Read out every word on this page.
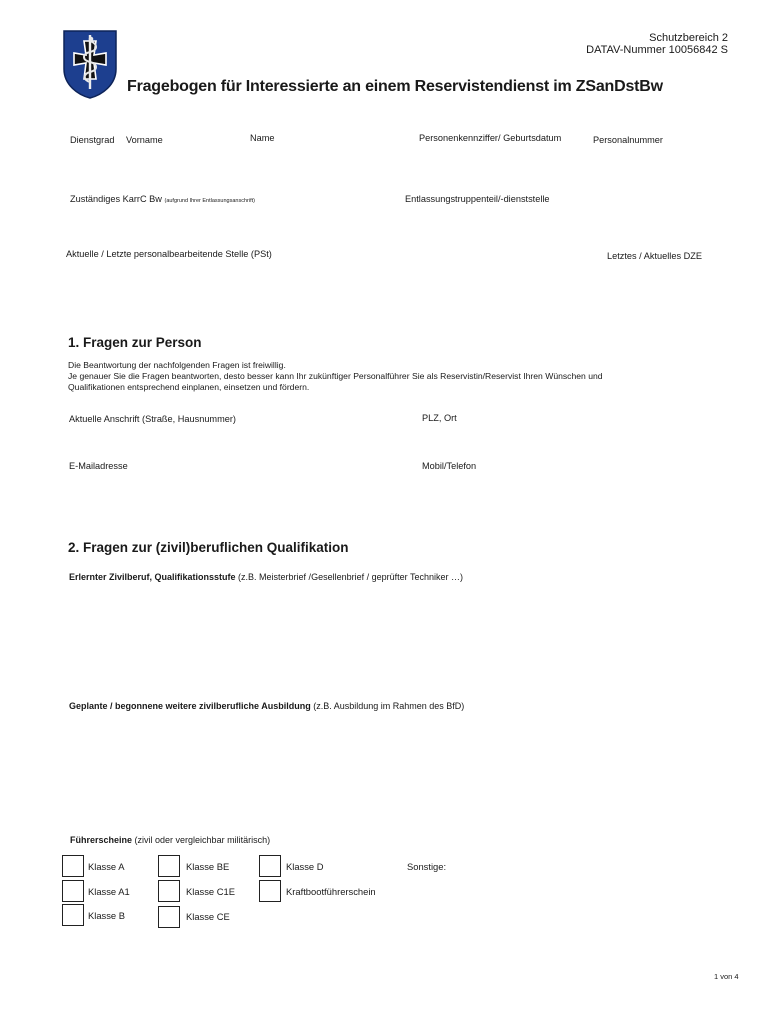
Schutzbereich 2
DATAV-Nummer 10056842 S
Fragebogen für Interessierte an einem Reservistendienst im ZSanDstBw
Dienstgrad Vorname	Name	Personenkennziffer/ Geburtsdatum	Personalnummer
Zuständiges KarrC Bw (aufgrund Ihrer Entlassungsanschrift)	Entlassungstruppenteil/-dienststelle
Aktuelle / Letzte personalbearbeitende Stelle (PSt)	Letztes / Aktuelles DZE
1. Fragen zur Person
Die Beantwortung der nachfolgenden Fragen ist freiwillig.
Je genauer Sie die Fragen beantworten, desto besser kann Ihr zukünftiger Personalführer Sie als Reservistin/Reservist Ihren Wünschen und
Qualifikationen entsprechend einplanen, einsetzen und fördern.
Aktuelle Anschrift (Straße, Hausnummer)	PLZ, Ort
E-Mailadresse	Mobil/Telefon
2. Fragen zur (zivil)beruflichen Qualifikation
Erlernter Zivilberuf, Qualifikationsstufe (z.B. Meisterbrief /Gesellenbrief / geprüfter Techniker …)
Geplante / begonnene weitere zivilberufliche Ausbildung (z.B. Ausbildung im Rahmen des BfD)
Führerscheine (zivil oder vergleichbar militärisch)
Klasse A
Klasse A1
Klasse B
Klasse BE
Klasse C1E
Klasse CE
Klasse D
Kraftbootführerschein
Sonstige:
1 von 4
